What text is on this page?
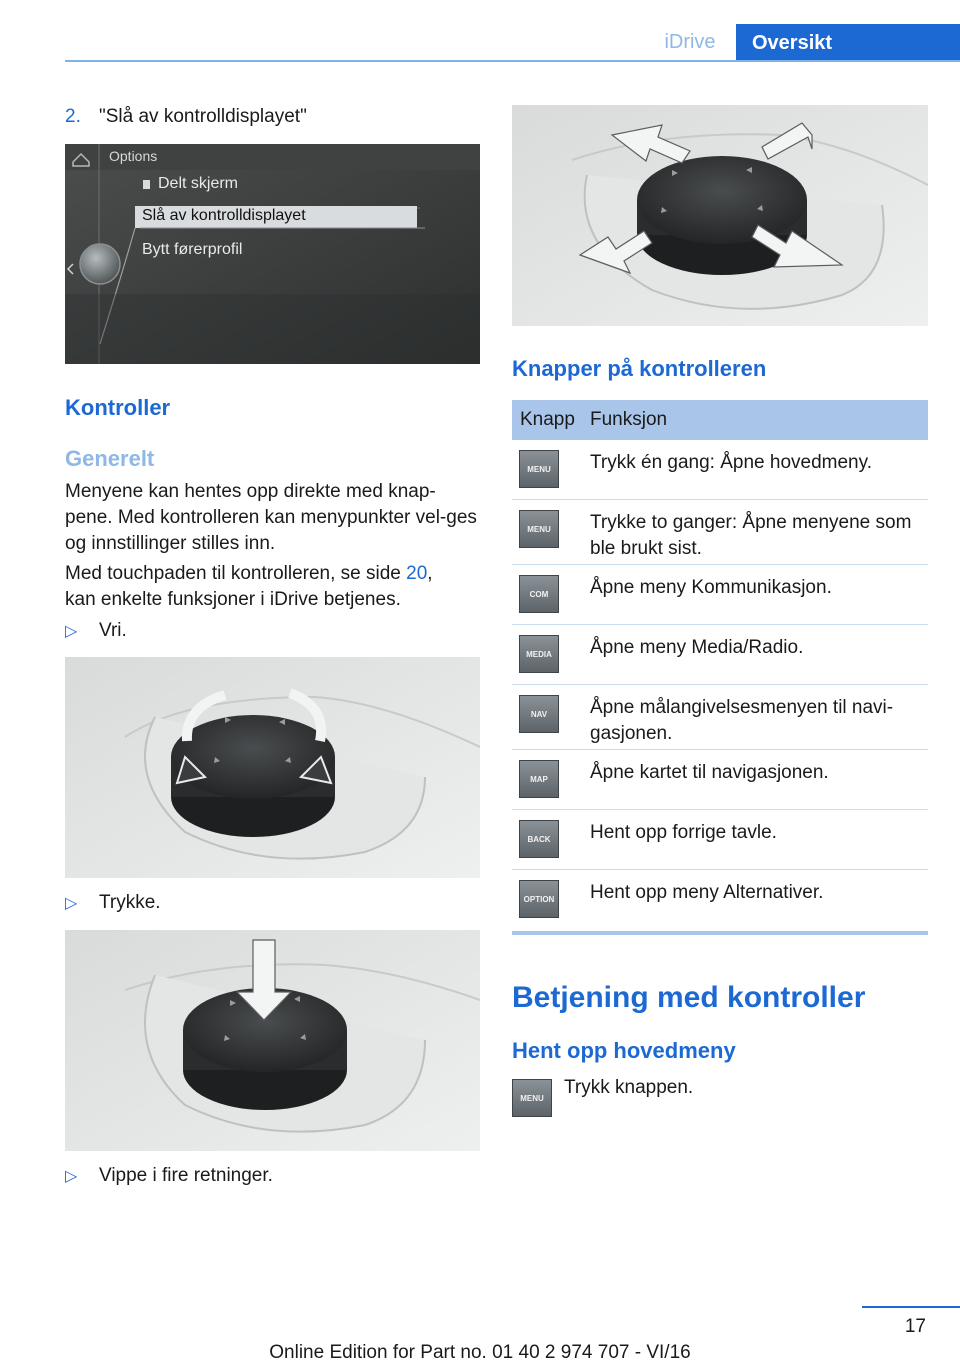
iDrive	Oversikt
2. "Slå av kontrolldisplayet"
Options
Delt skjerm
Slå av kontrolldisplayet
Bytt førerprofil
Kontroller
Generelt
Menyene kan hentes opp direkte med knap-pene. Med kontrolleren kan menypunkter vel-ges og innstillinger stilles inn.
Med touchpaden til kontrolleren, se side 20,
kan enkelte funksjoner i iDrive betjenes.
▷ Vri.
▷ Trykke.
▷ Vippe i fire retninger.
Knapper på kontrolleren
Knapp Funksjon
MENU	Trykk én gang: Åpne hovedmeny.
MENU	Trykke to ganger: Åpne menyene som ble brukt sist.
COM	Åpne meny Kommunikasjon.
MEDIA	Åpne meny Media/Radio.
NAV	Åpne målangivelsesmenyen til navi-gasjonen.
MAP	Åpne kartet til navigasjonen.
BACK	Hent opp forrige tavle.
OPTION Hent opp meny Alternativer.
Betjening med kontroller
Hent opp hovedmeny
MENU
Trykk knappen.
17
Online Edition for Part no. 01 40 2 974 707 - VI/16
